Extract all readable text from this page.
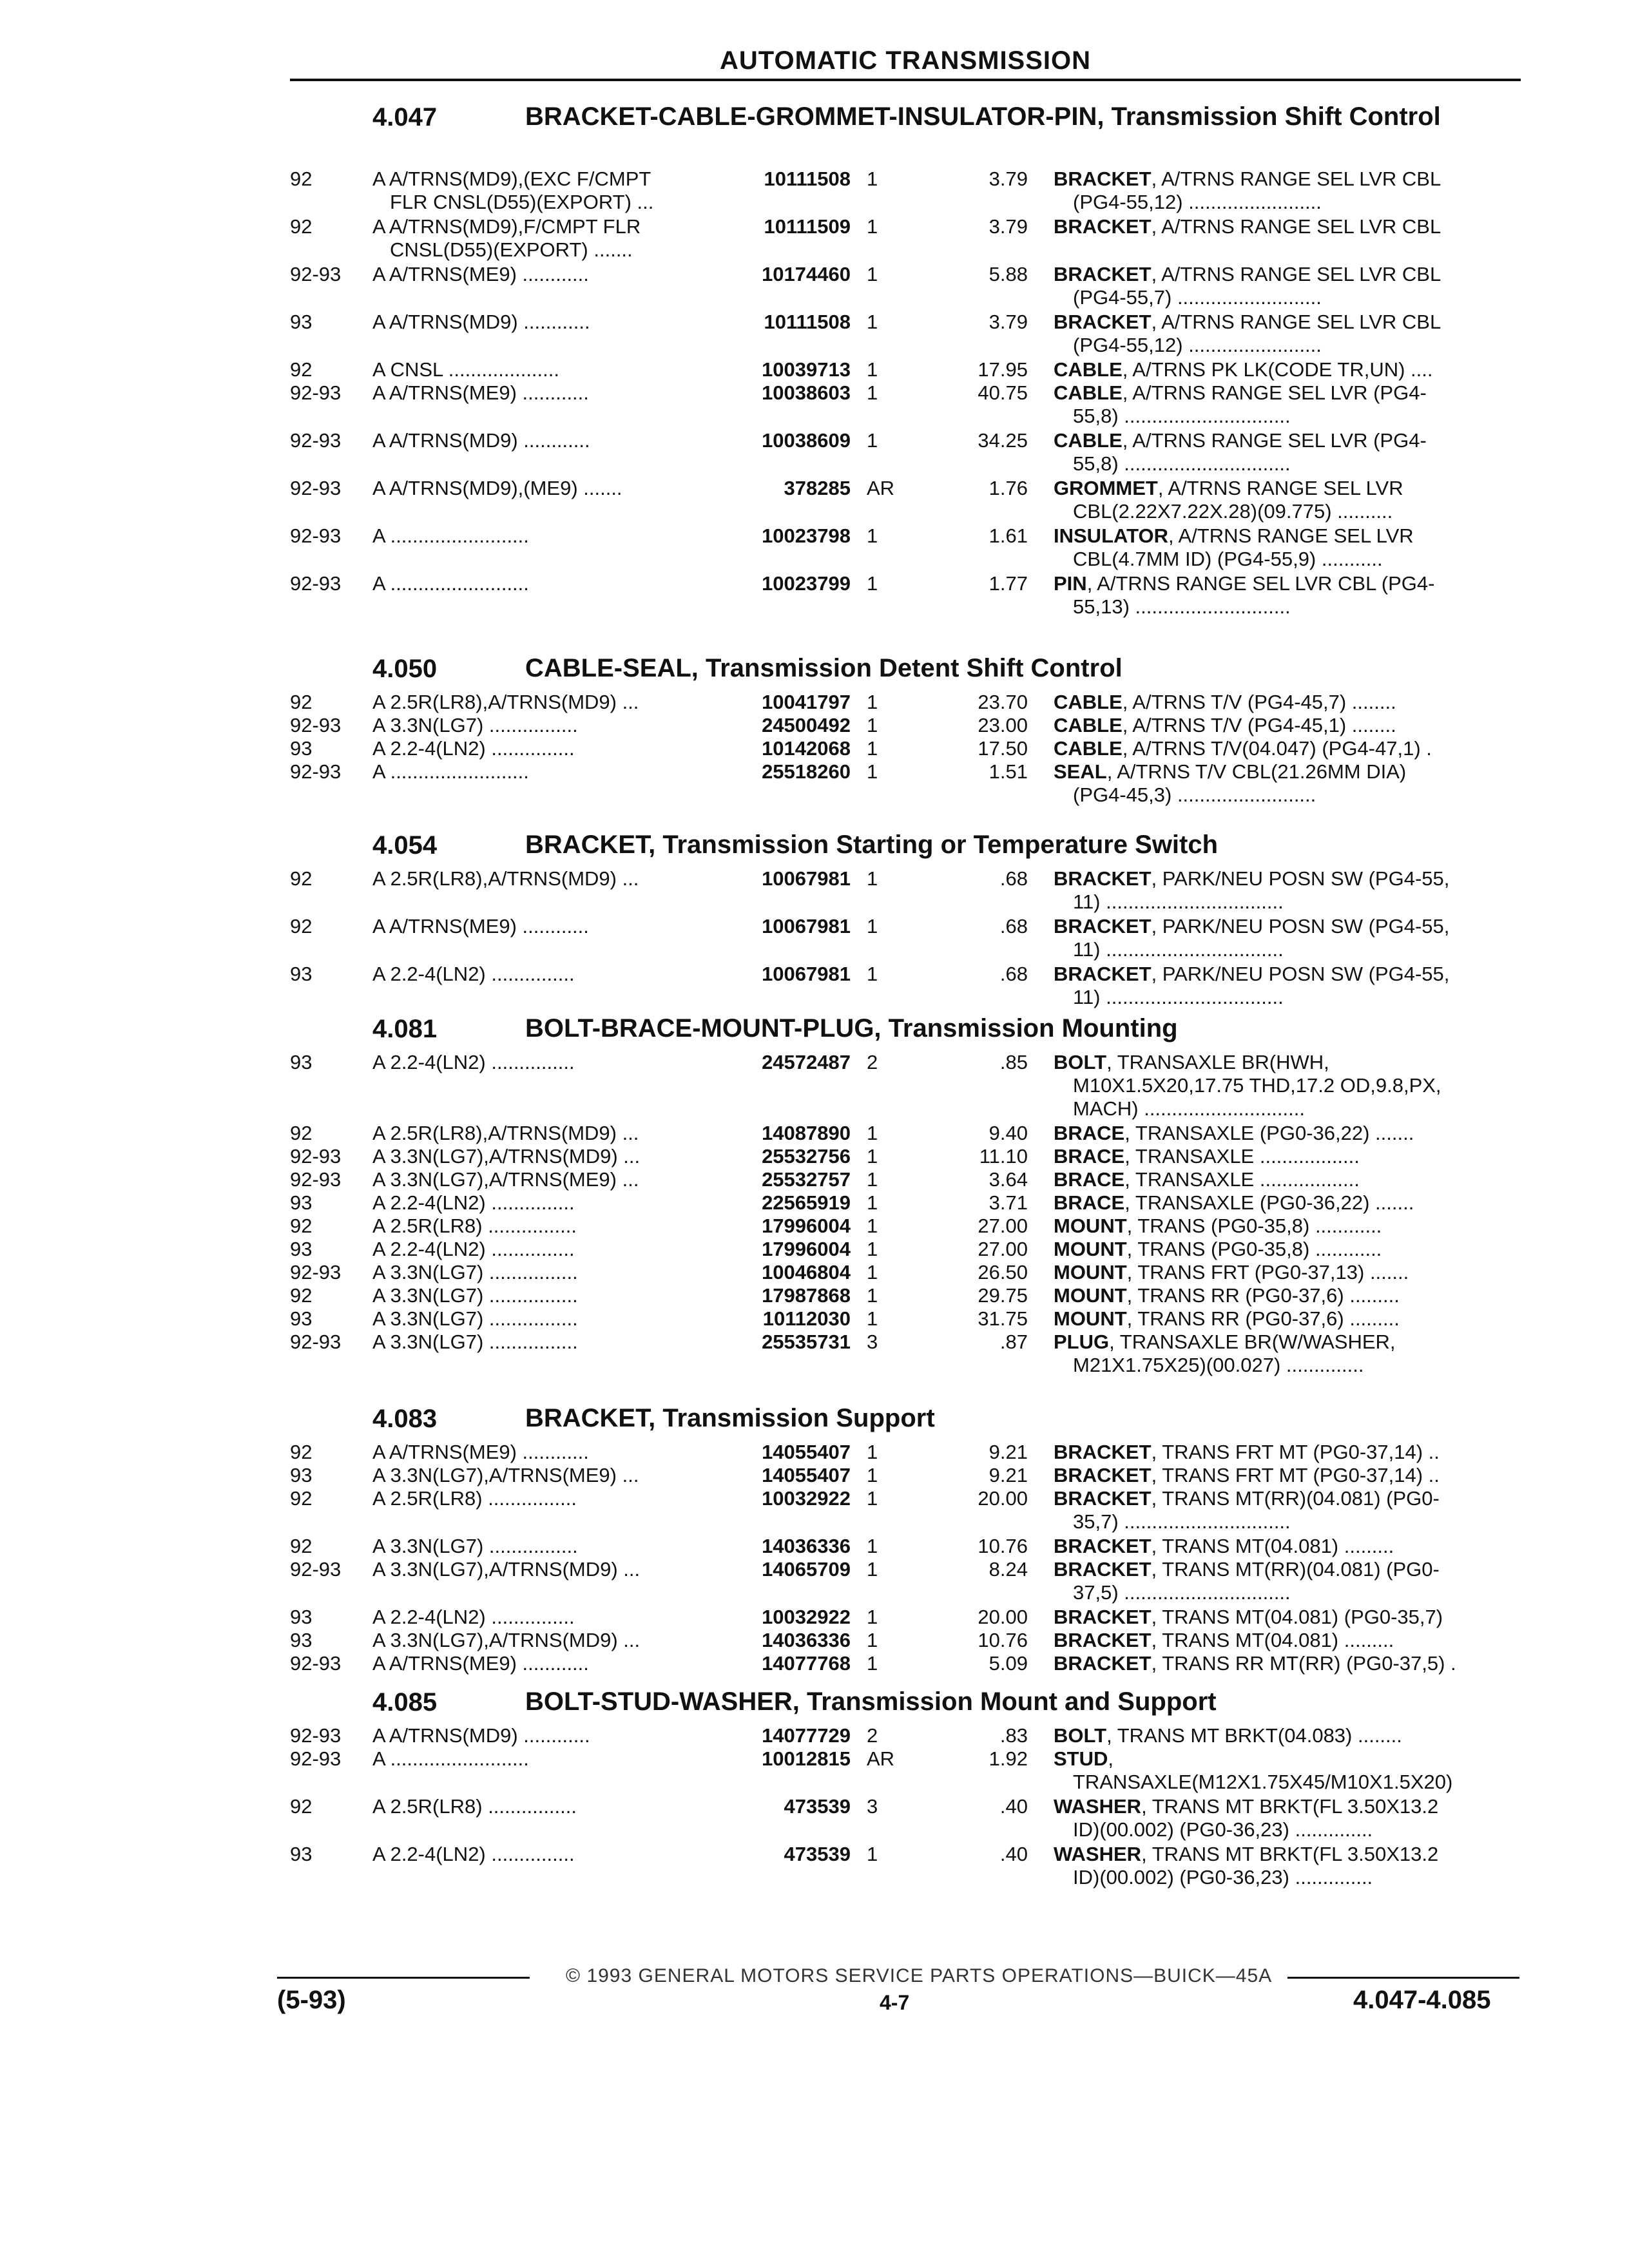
AUTOMATIC TRANSMISSION
4.047	BRACKET-CABLE-GROMMET-INSULATOR-PIN, Transmission Shift Control
92	A A/TRNS(MD9),(EXC F/CMPT	10111508 1	3.79 BRACKET, A/TRNS RANGE SEL LVR CBL
FLR CNSL(D55)(EXPORT) ...	(PG4-55,12) ........................
92	A A/TRNS(MD9),F/CMPT FLR	10111509 1	3.79 BRACKET, A/TRNS RANGE SEL LVR CBL
CNSL(D55)(EXPORT) .......
92-93 A A/TRNS(ME9) ............	10174460 1	5.88 BRACKET, A/TRNS RANGE SEL LVR CBL
(PG4-55,7) ..........................
93	A A/TRNS(MD9) ............	10111508 1	3.79 BRACKET, A/TRNS RANGE SEL LVR CBL
(PG4-55,12) ........................
92	A CNSL ....................	10039713 1	17.95 CABLE, A/TRNS PK LK(CODE TR,UN) ....
92-93 A A/TRNS(ME9) ............	10038603 1	40.75 CABLE, A/TRNS RANGE SEL LVR (PG4-
55,8) ..............................
92-93 A A/TRNS(MD9) ............	10038609 1	34.25 CABLE, A/TRNS RANGE SEL LVR (PG4-
55,8) ..............................
92-93 A A/TRNS(MD9),(ME9) .......	378285 AR	1.76 GROMMET, A/TRNS RANGE SEL LVR
CBL(2.22X7.22X.28)(09.775) ..........
92-93 A .........................	10023798 1	1.61 INSULATOR, A/TRNS RANGE SEL LVR
CBL(4.7MM ID) (PG4-55,9) ...........
92-93 A .........................	10023799 1	1.77 PIN, A/TRNS RANGE SEL LVR CBL (PG4-
55,13) ............................
4.050	CABLE-SEAL, Transmission Detent Shift Control
92	A 2.5R(LR8),A/TRNS(MD9) ...	10041797 1	23.70 CABLE, A/TRNS T/V (PG4-45,7) ........
92-93 A 3.3N(LG7) ................	24500492 1	23.00 CABLE, A/TRNS T/V (PG4-45,1) ........
93	A 2.2-4(LN2) ...............	10142068 1	17.50 CABLE, A/TRNS T/V(04.047) (PG4-47,1) .
92-93 A .........................	25518260 1	1.51 SEAL, A/TRNS T/V CBL(21.26MM DIA)
(PG4-45,3) .........................
4.054	BRACKET, Transmission Starting or Temperature Switch
92	A 2.5R(LR8),A/TRNS(MD9) ...	10067981 1	.68 BRACKET, PARK/NEU POSN SW (PG4-55,
11) ................................
92	A A/TRNS(ME9) ............	10067981 1	.68 BRACKET, PARK/NEU POSN SW (PG4-55,
11) ................................
93	A 2.2-4(LN2) ...............	10067981 1	.68 BRACKET, PARK/NEU POSN SW (PG4-55,
11) ................................
4.081	BOLT-BRACE-MOUNT-PLUG, Transmission Mounting
93	A 2.2-4(LN2) ...............	24572487 2	.85 BOLT, TRANSAXLE BR(HWH,
M10X1.5X20,17.75 THD,17.2 OD,9.8,PX,
MACH) .............................
92	A 2.5R(LR8),A/TRNS(MD9) ...	14087890 1	9.40 BRACE, TRANSAXLE (PG0-36,22) .......
92-93 A 3.3N(LG7),A/TRNS(MD9) ...	25532756 1	11.10 BRACE, TRANSAXLE ..................
92-93 A 3.3N(LG7),A/TRNS(ME9) ...	25532757 1	3.64 BRACE, TRANSAXLE ..................
93	A 2.2-4(LN2) ...............	22565919 1	3.71 BRACE, TRANSAXLE (PG0-36,22) .......
92	A 2.5R(LR8) ................	17996004 1	27.00 MOUNT, TRANS (PG0-35,8) ............
93	A 2.2-4(LN2) ...............	17996004 1	27.00 MOUNT, TRANS (PG0-35,8) ............
92-93 A 3.3N(LG7) ................	10046804 1	26.50 MOUNT, TRANS FRT (PG0-37,13) .......
92	A 3.3N(LG7) ................	17987868 1	29.75 MOUNT, TRANS RR (PG0-37,6) .........
93	A 3.3N(LG7) ................	10112030 1	31.75 MOUNT, TRANS RR (PG0-37,6) .........
92-93 A 3.3N(LG7) ................	25535731 3	.87 PLUG, TRANSAXLE BR(W/WASHER,
M21X1.75X25)(00.027) ..............
4.083	BRACKET, Transmission Support
92	A A/TRNS(ME9) ............	14055407 1	9.21 BRACKET, TRANS FRT MT (PG0-37,14) ..
93	A 3.3N(LG7),A/TRNS(ME9) ...	14055407 1	9.21 BRACKET, TRANS FRT MT (PG0-37,14) ..
92	A 2.5R(LR8) ................	10032922 1	20.00 BRACKET, TRANS MT(RR)(04.081) (PG0-
35,7) ..............................
92	A 3.3N(LG7) ................	14036336 1	10.76 BRACKET, TRANS MT(04.081) .........
92-93 A 3.3N(LG7),A/TRNS(MD9) ...	14065709 1	8.24 BRACKET, TRANS MT(RR)(04.081) (PG0-
37,5) ..............................
93	A 2.2-4(LN2) ...............	10032922 1	20.00 BRACKET, TRANS MT(04.081) (PG0-35,7)
93	A 3.3N(LG7),A/TRNS(MD9) ...	14036336 1	10.76 BRACKET, TRANS MT(04.081) .........
92-93 A A/TRNS(ME9) ............	14077768 1	5.09 BRACKET, TRANS RR MT(RR) (PG0-37,5) .
4.085	BOLT-STUD-WASHER, Transmission Mount and Support
92-93 A A/TRNS(MD9) ............	14077729 2	.83 BOLT, TRANS MT BRKT(04.083) ........
92-93 A .........................	10012815 AR	1.92 STUD,
TRANSAXLE(M12X1.75X45/M10X1.5X20)
92	A 2.5R(LR8) ................	473539 3	.40 WASHER, TRANS MT BRKT(FL 3.50X13.2
ID)(00.002) (PG0-36,23) ..............
93	A 2.2-4(LN2) ...............	473539 1	.40 WASHER, TRANS MT BRKT(FL 3.50X13.2
ID)(00.002) (PG0-36,23) ..............
© 1993 GENERAL MOTORS SERVICE PARTS OPERATIONS—BUICK—45A
(5-93)	4-7	4.047-4.085
